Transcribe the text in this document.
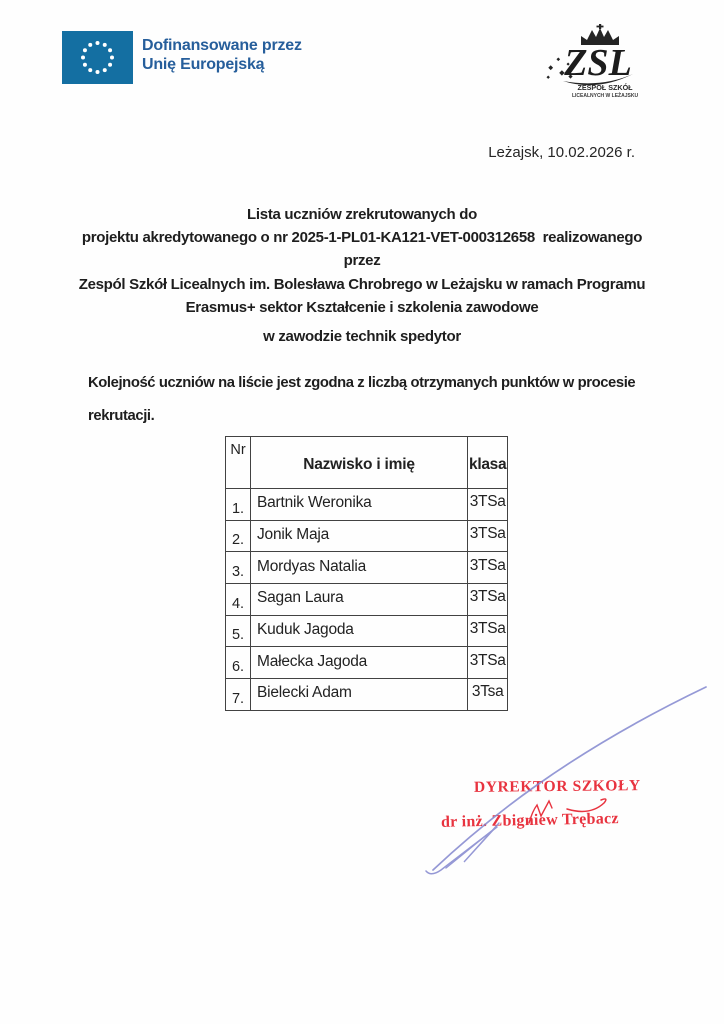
Dofinansowane przez
Unię Europejską	ZSL
ZESPÓŁ SZKÓŁ
LICEALNYCH W LEŻAJSKU
Leżajsk, 10.02.2026 r.
Lista uczniów zrekrutowanych do
projektu akredytowanego o nr 2025-1-PL01-KA121-VET-000312658  realizowanego
przez
Zespól Szkół Licealnych im. Bolesława Chrobrego w Leżajsku w ramach Programu
Erasmus+ sektor Kształcenie i szkolenia zawodowe
w zawodzie technik spedytor
Kolejność uczniów na liście jest zgodna z liczbą otrzymanych punktów w procesie
rekrutacji.
Nr	Nazwisko i imię	klasa
1.	Bartnik Weronika	3TSa
2.	Jonik Maja	3TSa
3.	Mordyas Natalia	3TSa
4.	Sagan Laura	3TSa
5.	Kuduk Jagoda	3TSa
6.	Małecka Jagoda	3TSa
7.	Bielecki Adam	3Tsa
DYREKTOR SZKOŁY
dr inż. Zbigniew Trębacz
